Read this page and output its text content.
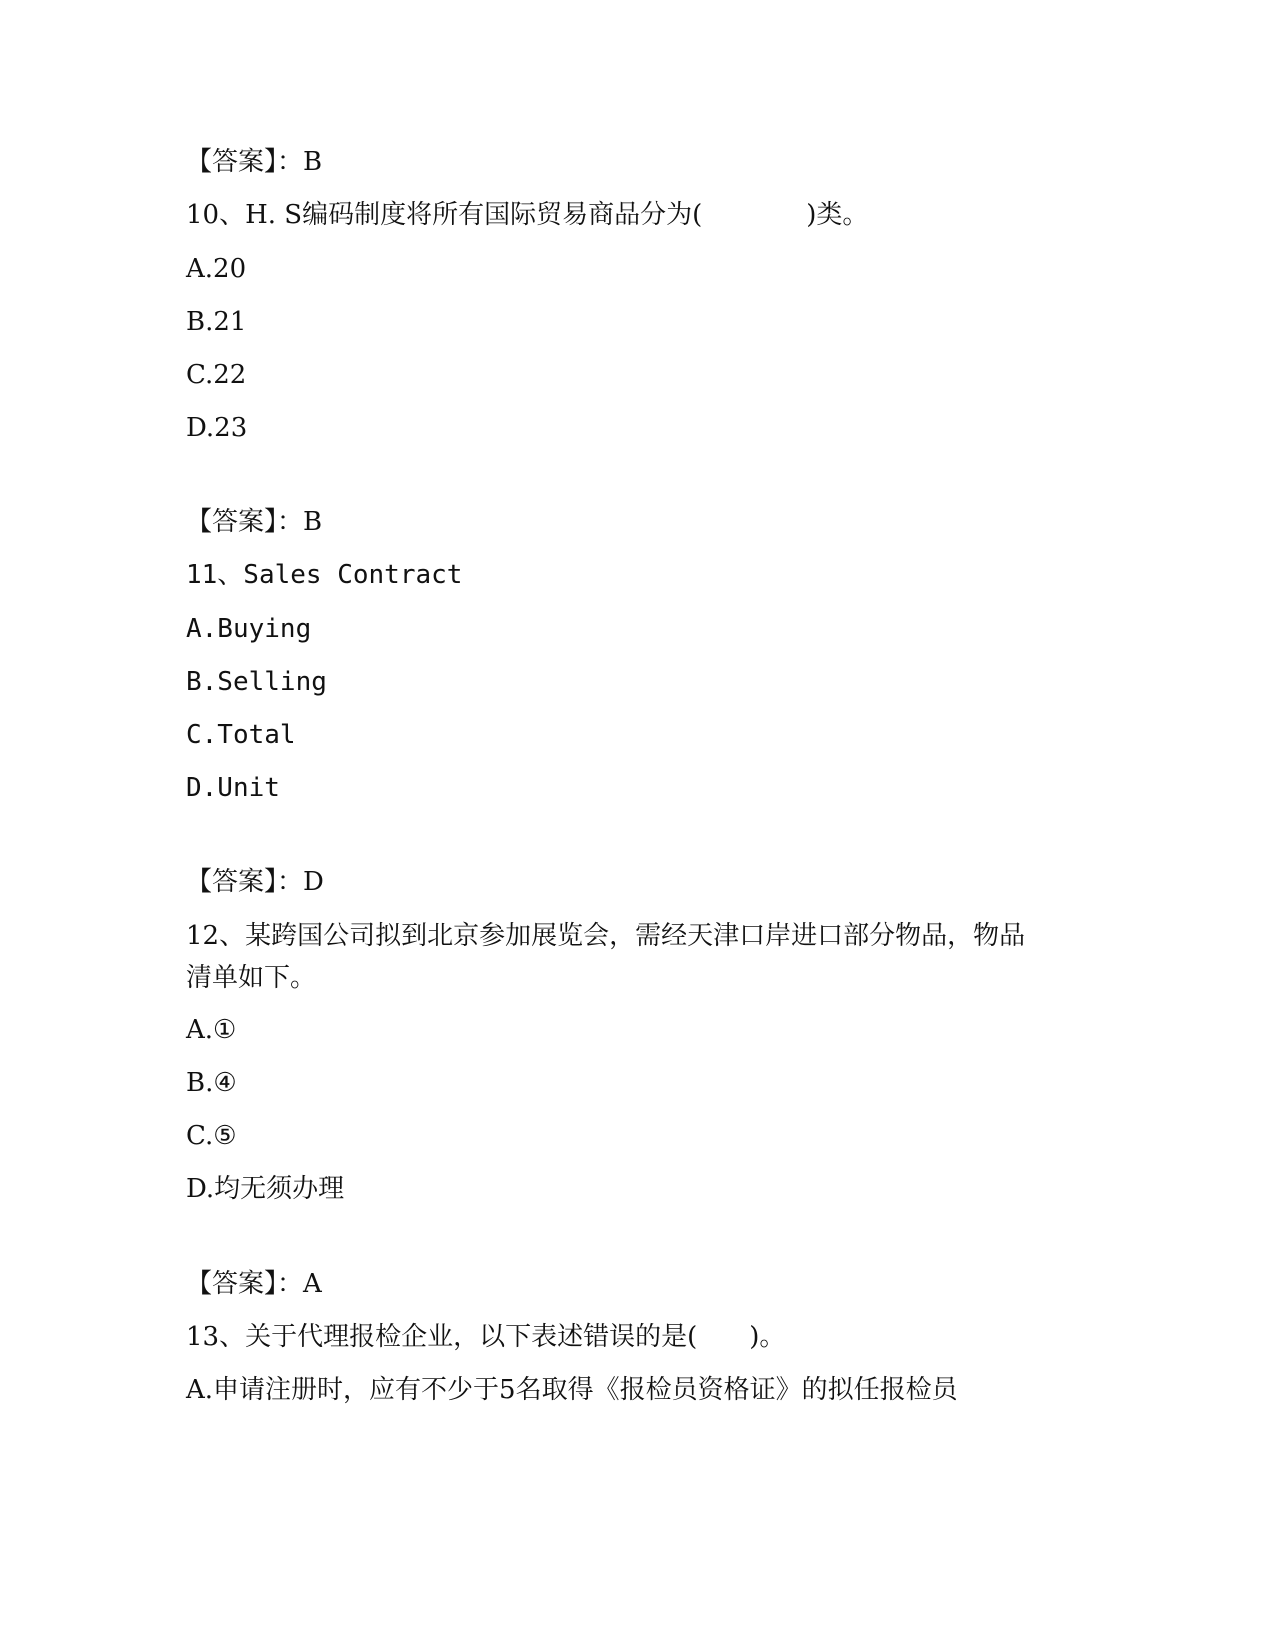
【答案】：B
10、H. S编码制度将所有国际贸易商品分为(　　　　)类。
A.20
B.21
C.22
D.23
【答案】：B
11、Sales Contract
A.Buying
B.Selling
C.Total
D.Unit
【答案】：D
12、某跨国公司拟到北京参加展览会，需经天津口岸进口部分物品，物品清单如下。
A.①
B.④
C.⑤
D.均无须办理
【答案】：A
13、关于代理报检企业，以下表述错误的是(　　)。
A.申请注册时，应有不少于5名取得《报检员资格证》的拟任报检员
